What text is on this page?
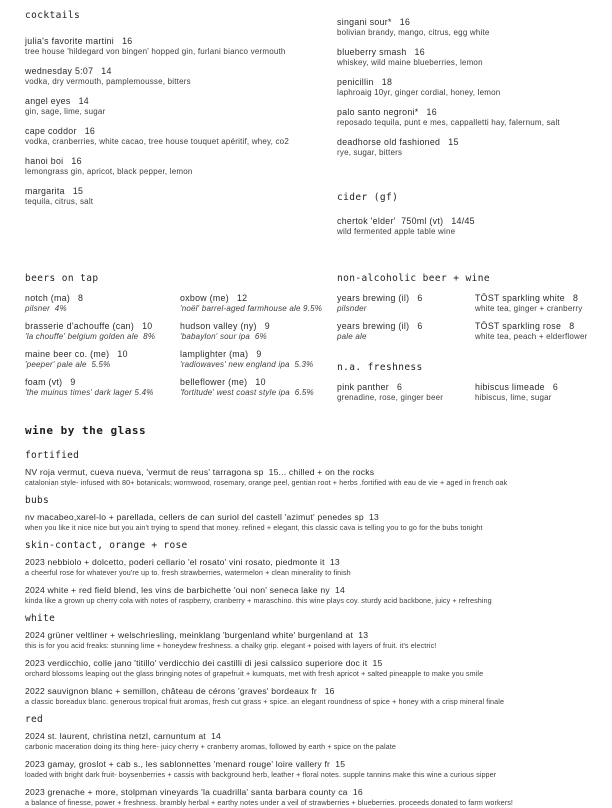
cocktails
julia's favorite martini 16
tree house 'hildegard von bingen' hopped gin, furlani bianco vermouth
wednesday 5:07 14
vodka, dry vermouth, pamplemousse, bitters
angel eyes 14
gin, sage, lime, sugar
cape coddor 16
vodka, cranberries, white cacao, tree house touquet apéritif, whey, co2
hanoi boi 16
lemongrass gin, apricot, black pepper, lemon
margarita 15
tequila, citrus, salt
singani sour* 16
bolivian brandy, mango, citrus, egg white
blueberry smash 16
whiskey, wild maine blueberries, lemon
penicillin 18
laphroaig 10yr, ginger cordial, honey, lemon
palo santo negroni* 16
reposado tequila, punt e mes, cappalletti hay, falernum, salt
deadhorse old fashioned 15
rye, sugar, bitters
cider (gf)
chertok 'elder'  750ml (vt) 14/45
wild fermented apple table wine
beers on tap
notch (ma) 8
pilsner  4%
brasserie d'achouffe (can) 10
'la chouffe' belgium golden ale  8%
maine beer co. (me) 10
'peeper' pale ale  5.5%
foam (vt) 9
'the muinus times' dark lager 5.4%
oxbow (me) 12
'noël' barrel-aged farmhouse ale 9.5%
hudson valley (ny) 9
'babaylon' sour ipa  6%
lamplighter (ma) 9
'radiowaves' new england ipa  5.3%
belleflower (me) 10
'fortitude' west coast style ipa  6.5%
non-alcoholic beer + wine
years brewing (il) 6
pilsnder
years brewing (il) 6
pale ale
TÖST sparkling white 8
white tea, ginger + cranberry
TÖST sparkling rose 8
white tea, peach + elderflower
n.a. freshness
pink panther 6
grenadine, rose, ginger beer
hibiscus limeade 6
hibiscus, lime, sugar
wine by the glass
fortified
NV roja vermut, cueva nueva, 'vermut de reus' tarragona sp  15... chilled + on the rocks
catalonian style- infused with 80+ botanicals; wormwood, rosemary, orange peel, gentian root + herbs .fortified with eau de vie + aged in french oak
bubs
nv macabeo,xarel-lo + parellada, cellers de can suriol del castell 'azimut' penedes sp  13
when you like it nice nice but you ain't trying to spend that money. refined + elegant, this classic cava is telling you to go for the bubs tonight
skin-contact, orange + rose
2023 nebbiolo + dolcetto, poderi cellario 'el rosato' vini rosato, piedmonte it  13
a cheerful rose for whatever you're up to. fresh strawberries, watermelon + clean minerality to finish
2024 white + red field blend, les vins de barbichette 'oui non' seneca lake ny  14
kinda like a grown up cherry cola with notes of raspberry, cranberry + maraschino. this wine plays coy. sturdy acid backbone, juicy + refreshing
white
2024 grüner veltliner + welschriesling, meinklang 'burgenland white' burgenland at  13
this is for you acid freaks: stunning lime + honeydew freshness. a chalky grip. elegant + poised with layers of fruit. it's electric!
2023 verdicchio, colle jano 'titillo' verdicchio dei castilli di jesi calssico superiore doc it  15
orchard blossoms leaping out the glass bringing notes of grapefruit + kumquats, met with fresh apricot + salted pineapple to make you smile
2022 sauvignon blanc + semillon, château de cérons 'graves' bordeaux fr   16
a classic boreadux blanc. generous tropical fruit aromas, fresh cut grass + spice. an elegant roundness of spice + honey with a crisp mineral finale
red
2024 st. laurent, christina netzl, carnuntum at  14
carbonic maceration doing its thing here- juicy cherry + cranberry aromas, followed by earth + spice on the palate
2023 gamay, groslot + cab s., les sablonnettes 'menard rouge' loire vallery fr  15
loaded with bright dark fruit- boysenberries + cassis with background herb, leather + floral notes. supple tannins make this wine a curious sipper
2023 grenache + more, stolpman vineyards 'la cuadrilla' santa barbara county ca  16
a balance of finesse, power + freshness. brambly herbal + earthy notes under a veil of strawberries + blueberries. proceeds donated to farm workers!
